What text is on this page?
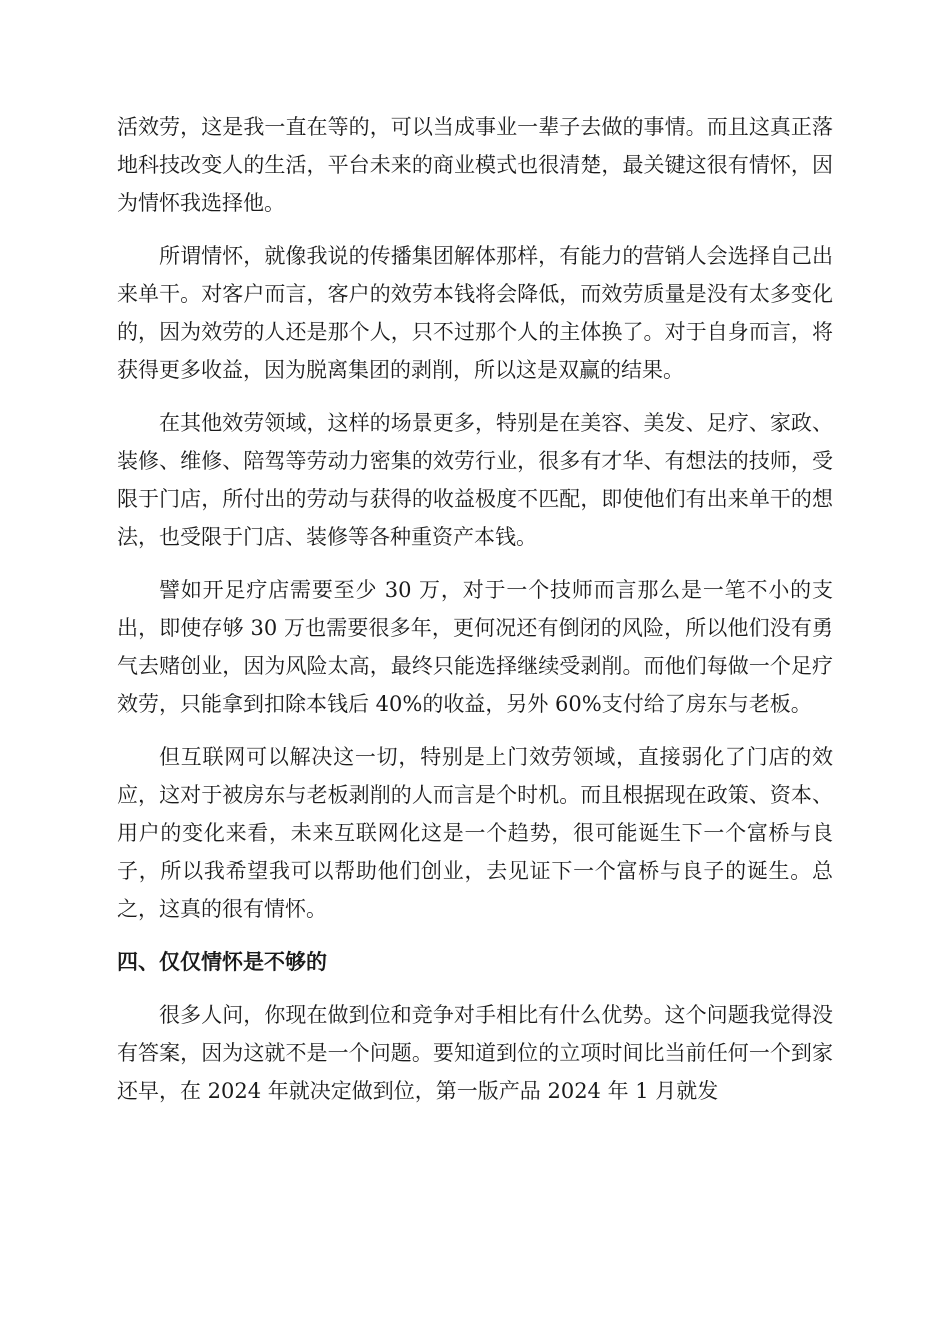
活效劳，这是我一直在等的，可以当成事业一辈子去做的事情。而且这真正落地科技改变人的生活，平台未来的商业模式也很清楚，最关键这很有情怀，因为情怀我选择他。

所谓情怀，就像我说的传播集团解体那样，有能力的营销人会选择自己出来单干。对客户而言，客户的效劳本钱将会降低，而效劳质量是没有太多变化的，因为效劳的人还是那个人，只不过那个人的主体换了。对于自身而言，将获得更多收益，因为脱离集团的剥削，所以这是双赢的结果。

在其他效劳领域，这样的场景更多，特别是在美容、美发、足疗、家政、装修、维修、陪驾等劳动力密集的效劳行业，很多有才华、有想法的技师，受限于门店，所付出的劳动与获得的收益极度不匹配，即使他们有出来单干的想法，也受限于门店、装修等各种重资产本钱。

譬如开足疗店需要至少 30 万，对于一个技师而言那么是一笔不小的支出，即使存够 30 万也需要很多年，更何况还有倒闭的风险，所以他们没有勇气去赌创业，因为风险太高，最终只能选择继续受剥削。而他们每做一个足疗效劳，只能拿到扣除本钱后 40%的收益，另外 60%支付给了房东与老板。

但互联网可以解决这一切，特别是上门效劳领域，直接弱化了门店的效应，这对于被房东与老板剥削的人而言是个时机。而且根据现在政策、资本、用户的变化来看，未来互联网化这是一个趋势，很可能诞生下一个富桥与良子，所以我希望我可以帮助他们创业，去见证下一个富桥与良子的诞生。总之，这真的很有情怀。

四、仅仅情怀是不够的

很多人问，你现在做到位和竞争对手相比有什么优势。这个问题我觉得没有答案，因为这就不是一个问题。要知道到位的立项时间比当前任何一个到家还早，在 2024 年就决定做到位，第一版产品 2024 年 1 月就发
